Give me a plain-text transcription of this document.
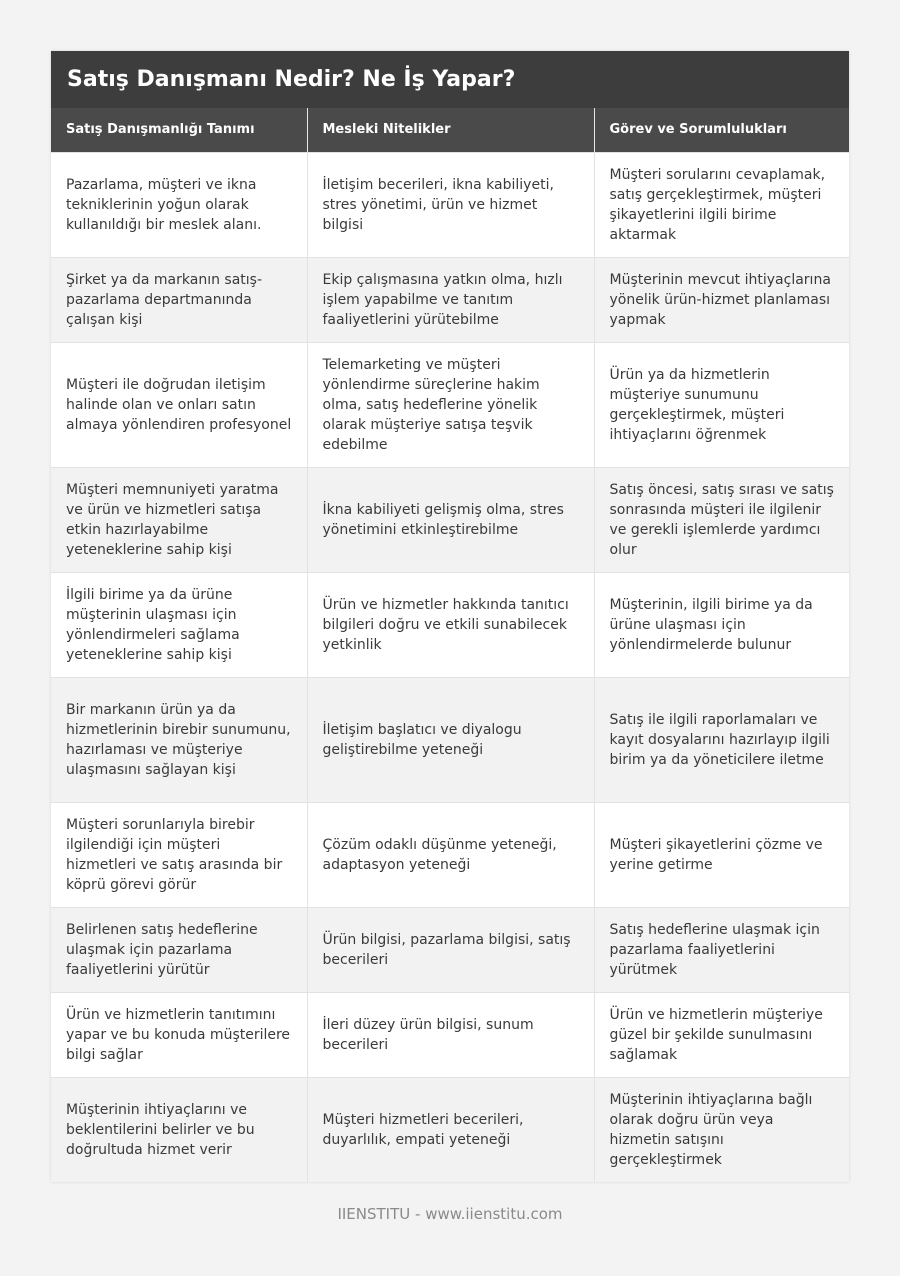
Satış Danışmanı Nedir? Ne İş Yapar?
Satış Danışmanlığı Tanımı	Mesleki Nitelikler	Görev ve Sorumlulukları
Pazarlama, müşteri ve ikna tekniklerinin yoğun olarak kullanıldığı bir meslek alanı.	İletişim becerileri, ikna kabiliyeti, stres yönetimi, ürün ve hizmet bilgisi	Müşteri sorularını cevaplamak, satış gerçekleştirmek, müşteri şikayetlerini ilgili birime aktarmak
Şirket ya da markanın satış-pazarlama departmanında çalışan kişi	Ekip çalışmasına yatkın olma, hızlı işlem yapabilme ve tanıtım faaliyetlerini yürütebilme	Müşterinin mevcut ihtiyaçlarına yönelik ürün-hizmet planlaması yapmak
Müşteri ile doğrudan iletişim halinde olan ve onları satın almaya yönlendiren profesyonel	Telemarketing ve müşteri yönlendirme süreçlerine hakim olma, satış hedeflerine yönelik olarak müşteriye satışa teşvik edebilme	Ürün ya da hizmetlerin müşteriye sunumunu gerçekleştirmek, müşteri ihtiyaçlarını öğrenmek
Müşteri memnuniyeti yaratma ve ürün ve hizmetleri satışa etkin hazırlayabilme yeteneklerine sahip kişi	İkna kabiliyeti gelişmiş olma, stres yönetimini etkinleştirebilme	Satış öncesi, satış sırası ve satış sonrasında müşteri ile ilgilenir ve gerekli işlemlerde yardımcı olur
İlgili birime ya da ürüne müşterinin ulaşması için yönlendirmeleri sağlama yeteneklerine sahip kişi	Ürün ve hizmetler hakkında tanıtıcı bilgileri doğru ve etkili sunabilecek yetkinlik	Müşterinin, ilgili birime ya da ürüne ulaşması için yönlendirmelerde bulunur
Bir markanın ürün ya da hizmetlerinin birebir sunumunu, hazırlaması ve müşteriye ulaşmasını sağlayan kişi	İletişim başlatıcı ve diyalogu geliştirebilme yeteneği	Satış ile ilgili raporlamaları ve kayıt dosyalarını hazırlayıp ilgili birim ya da yöneticilere iletme
Müşteri sorunlarıyla birebir ilgilendiği için müşteri hizmetleri ve satış arasında bir köprü görevi görür	Çözüm odaklı düşünme yeteneği, adaptasyon yeteneği	Müşteri şikayetlerini çözme ve yerine getirme
Belirlenen satış hedeflerine ulaşmak için pazarlama faaliyetlerini yürütür	Ürün bilgisi, pazarlama bilgisi, satış becerileri	Satış hedeflerine ulaşmak için pazarlama faaliyetlerini yürütmek
Ürün ve hizmetlerin tanıtımını yapar ve bu konuda müşterilere bilgi sağlar	İleri düzey ürün bilgisi, sunum becerileri	Ürün ve hizmetlerin müşteriye güzel bir şekilde sunulmasını sağlamak
Müşterinin ihtiyaçlarını ve beklentilerini belirler ve bu doğrultuda hizmet verir	Müşteri hizmetleri becerileri, duyarlılık, empati yeteneği	Müşterinin ihtiyaçlarına bağlı olarak doğru ürün veya hizmetin satışını gerçekleştirmek
IIENSTITU - www.iienstitu.com
